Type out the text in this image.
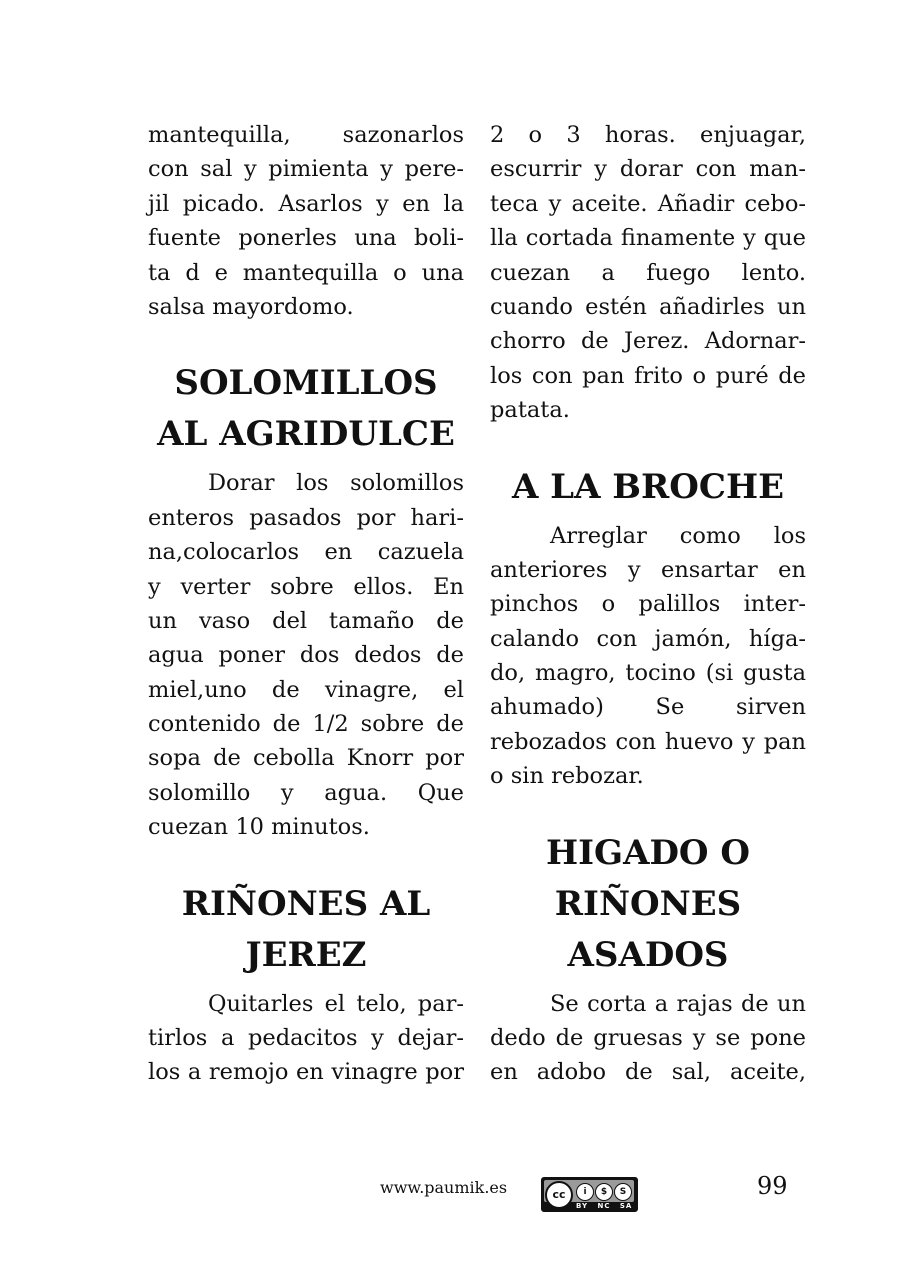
mantequilla, sazonarlos
con sal y pimienta y pere-
jil picado. Asarlos y en la
fuente ponerles una boli-
ta d e mantequilla o una
salsa mayordomo.
SOLOMILLOS
AL AGRIDULCE
Dorar los solomillos
enteros pasados por hari-
na,colocarlos en cazuela
y verter sobre ellos. En
un vaso del tamaño de
agua poner dos dedos de
miel,uno de vinagre, el
contenido de 1/2 sobre de
sopa de cebolla Knorr por
solomillo y agua. Que
cuezan 10 minutos.
RIÑONES AL
JEREZ
Quitarles el telo, par-
tirlos a pedacitos y dejar-
los a remojo en vinagre por
2 o 3 horas. enjuagar,
escurrir y dorar con man-
teca y aceite. Añadir cebo-
lla cortada finamente y que
cuezan a fuego lento.
cuando estén añadirles un
chorro de Jerez. Adornar-
los con pan frito o puré de
patata.
A LA BROCHE
Arreglar como los
anteriores y ensartar en
pinchos o palillos inter-
calando con jamón, híga-
do, magro, tocino (si gusta
ahumado) Se sirven
rebozados con huevo y pan
o sin rebozar.
HIGADO O
RIÑONES
ASADOS
Se corta a rajas de un
dedo de gruesas y se pone
en adobo de sal, aceite,
www.paumik.es	cc	i	$	S
BY NC SA
99
